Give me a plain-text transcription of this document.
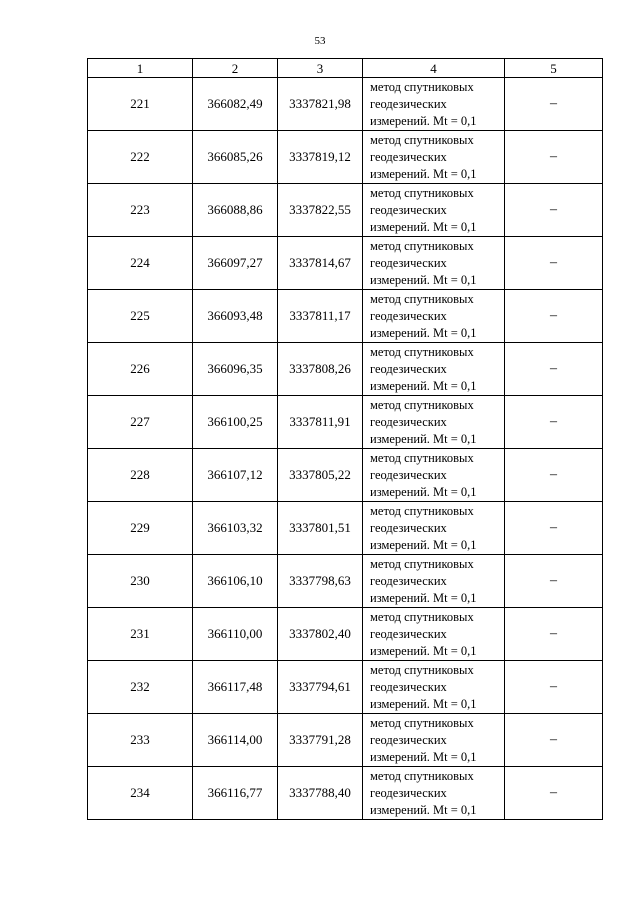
53
1	2	3	4	5
221	366082,49	3337821,98	метод спутниковых
геодезических
измерений. Mt = 0,1	–
222	366085,26	3337819,12	метод спутниковых
геодезических
измерений. Mt = 0,1	–
223	366088,86	3337822,55	метод спутниковых
геодезических
измерений. Mt = 0,1	–
224	366097,27	3337814,67	метод спутниковых
геодезических
измерений. Mt = 0,1	–
225	366093,48	3337811,17	метод спутниковых
геодезических
измерений. Mt = 0,1	–
226	366096,35	3337808,26	метод спутниковых
геодезических
измерений. Mt = 0,1	–
227	366100,25	3337811,91	метод спутниковых
геодезических
измерений. Mt = 0,1	–
228	366107,12	3337805,22	метод спутниковых
геодезических
измерений. Mt = 0,1	–
229	366103,32	3337801,51	метод спутниковых
геодезических
измерений. Mt = 0,1	–
230	366106,10	3337798,63	метод спутниковых
геодезических
измерений. Mt = 0,1	–
231	366110,00	3337802,40	метод спутниковых
геодезических
измерений. Mt = 0,1	–
232	366117,48	3337794,61	метод спутниковых
геодезических
измерений. Mt = 0,1	–
233	366114,00	3337791,28	метод спутниковых
геодезических
измерений. Mt = 0,1	–
234	366116,77	3337788,40	метод спутниковых
геодезических
измерений. Mt = 0,1	–
